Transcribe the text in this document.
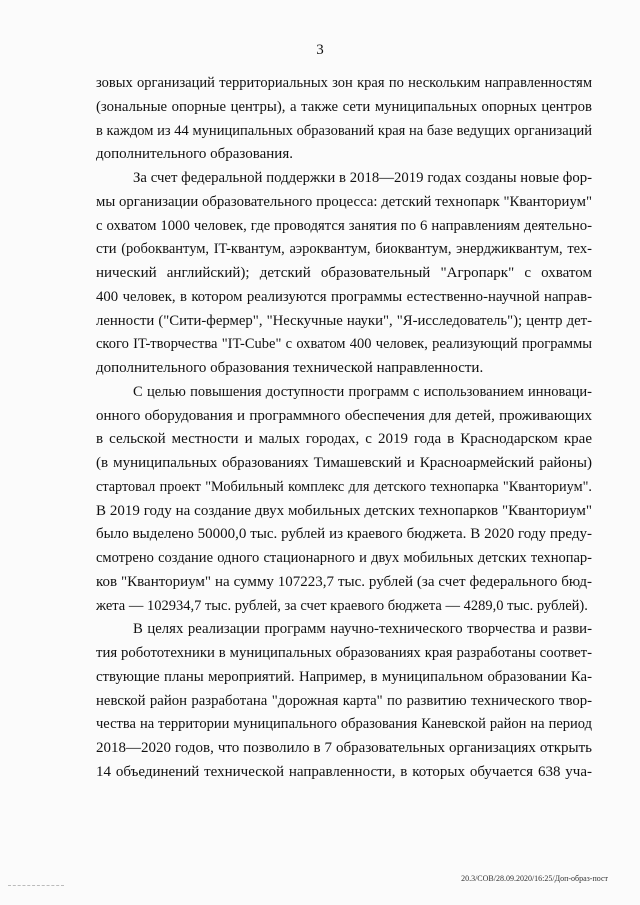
3
зовых организаций территориальных зон края по нескольким направленностям
(зональные опорные центры), а также сети муниципальных опорных центров
в каждом из 44 муниципальных образований края на базе ведущих организаций
дополнительного образования.
За счет федеральной поддержки в 2018—2019 годах созданы новые фор-
мы организации образовательного процесса: детский технопарк "Кванториум"
с охватом 1000 человек, где проводятся занятия по 6 направлениям деятельно-
сти (робоквантум, IT-квантум, аэроквантум, биоквантум, энерджиквантум, тех-
нический английский); детский образовательный "Агропарк" с охватом
400 человек, в котором реализуются программы естественно-научной направ-
ленности ("Сити-фермер", "Нескучные науки", "Я-исследователь"); центр дет-
ского IT-творчества "IT-Cube" с охватом 400 человек, реализующий программы
дополнительного образования технической направленности.
С целью повышения доступности программ с использованием инноваци-
онного оборудования и программного обеспечения для детей, проживающих
в сельской местности и малых городах, с 2019 года в Краснодарском крае
(в муниципальных образованиях Тимашевский и Красноармейский районы)
стартовал проект "Мобильный комплекс для детского технопарка "Кванториум".
В 2019 году на создание двух мобильных детских технопарков "Кванториум"
было выделено 50000,0 тыс. рублей из краевого бюджета. В 2020 году преду-
смотрено создание одного стационарного и двух мобильных детских технопар-
ков "Кванториум" на сумму 107223,7 тыс. рублей (за счет федерального бюд-
жета — 102934,7 тыс. рублей, за счет краевого бюджета — 4289,0 тыс. рублей).
В целях реализации программ научно-технического творчества и разви-
тия робототехники в муниципальных образованиях края разработаны соответ-
ствующие планы мероприятий. Например, в муниципальном образовании Ка-
невской район разработана "дорожная карта" по развитию технического твор-
чества на территории муниципального образования Каневской район на период
2018—2020 годов, что позволило в 7 образовательных организациях открыть
14 объединений технической направленности, в которых обучается 638 уча-
20.3/СОВ/28.09.2020/16:25/Доп-образ-пост
